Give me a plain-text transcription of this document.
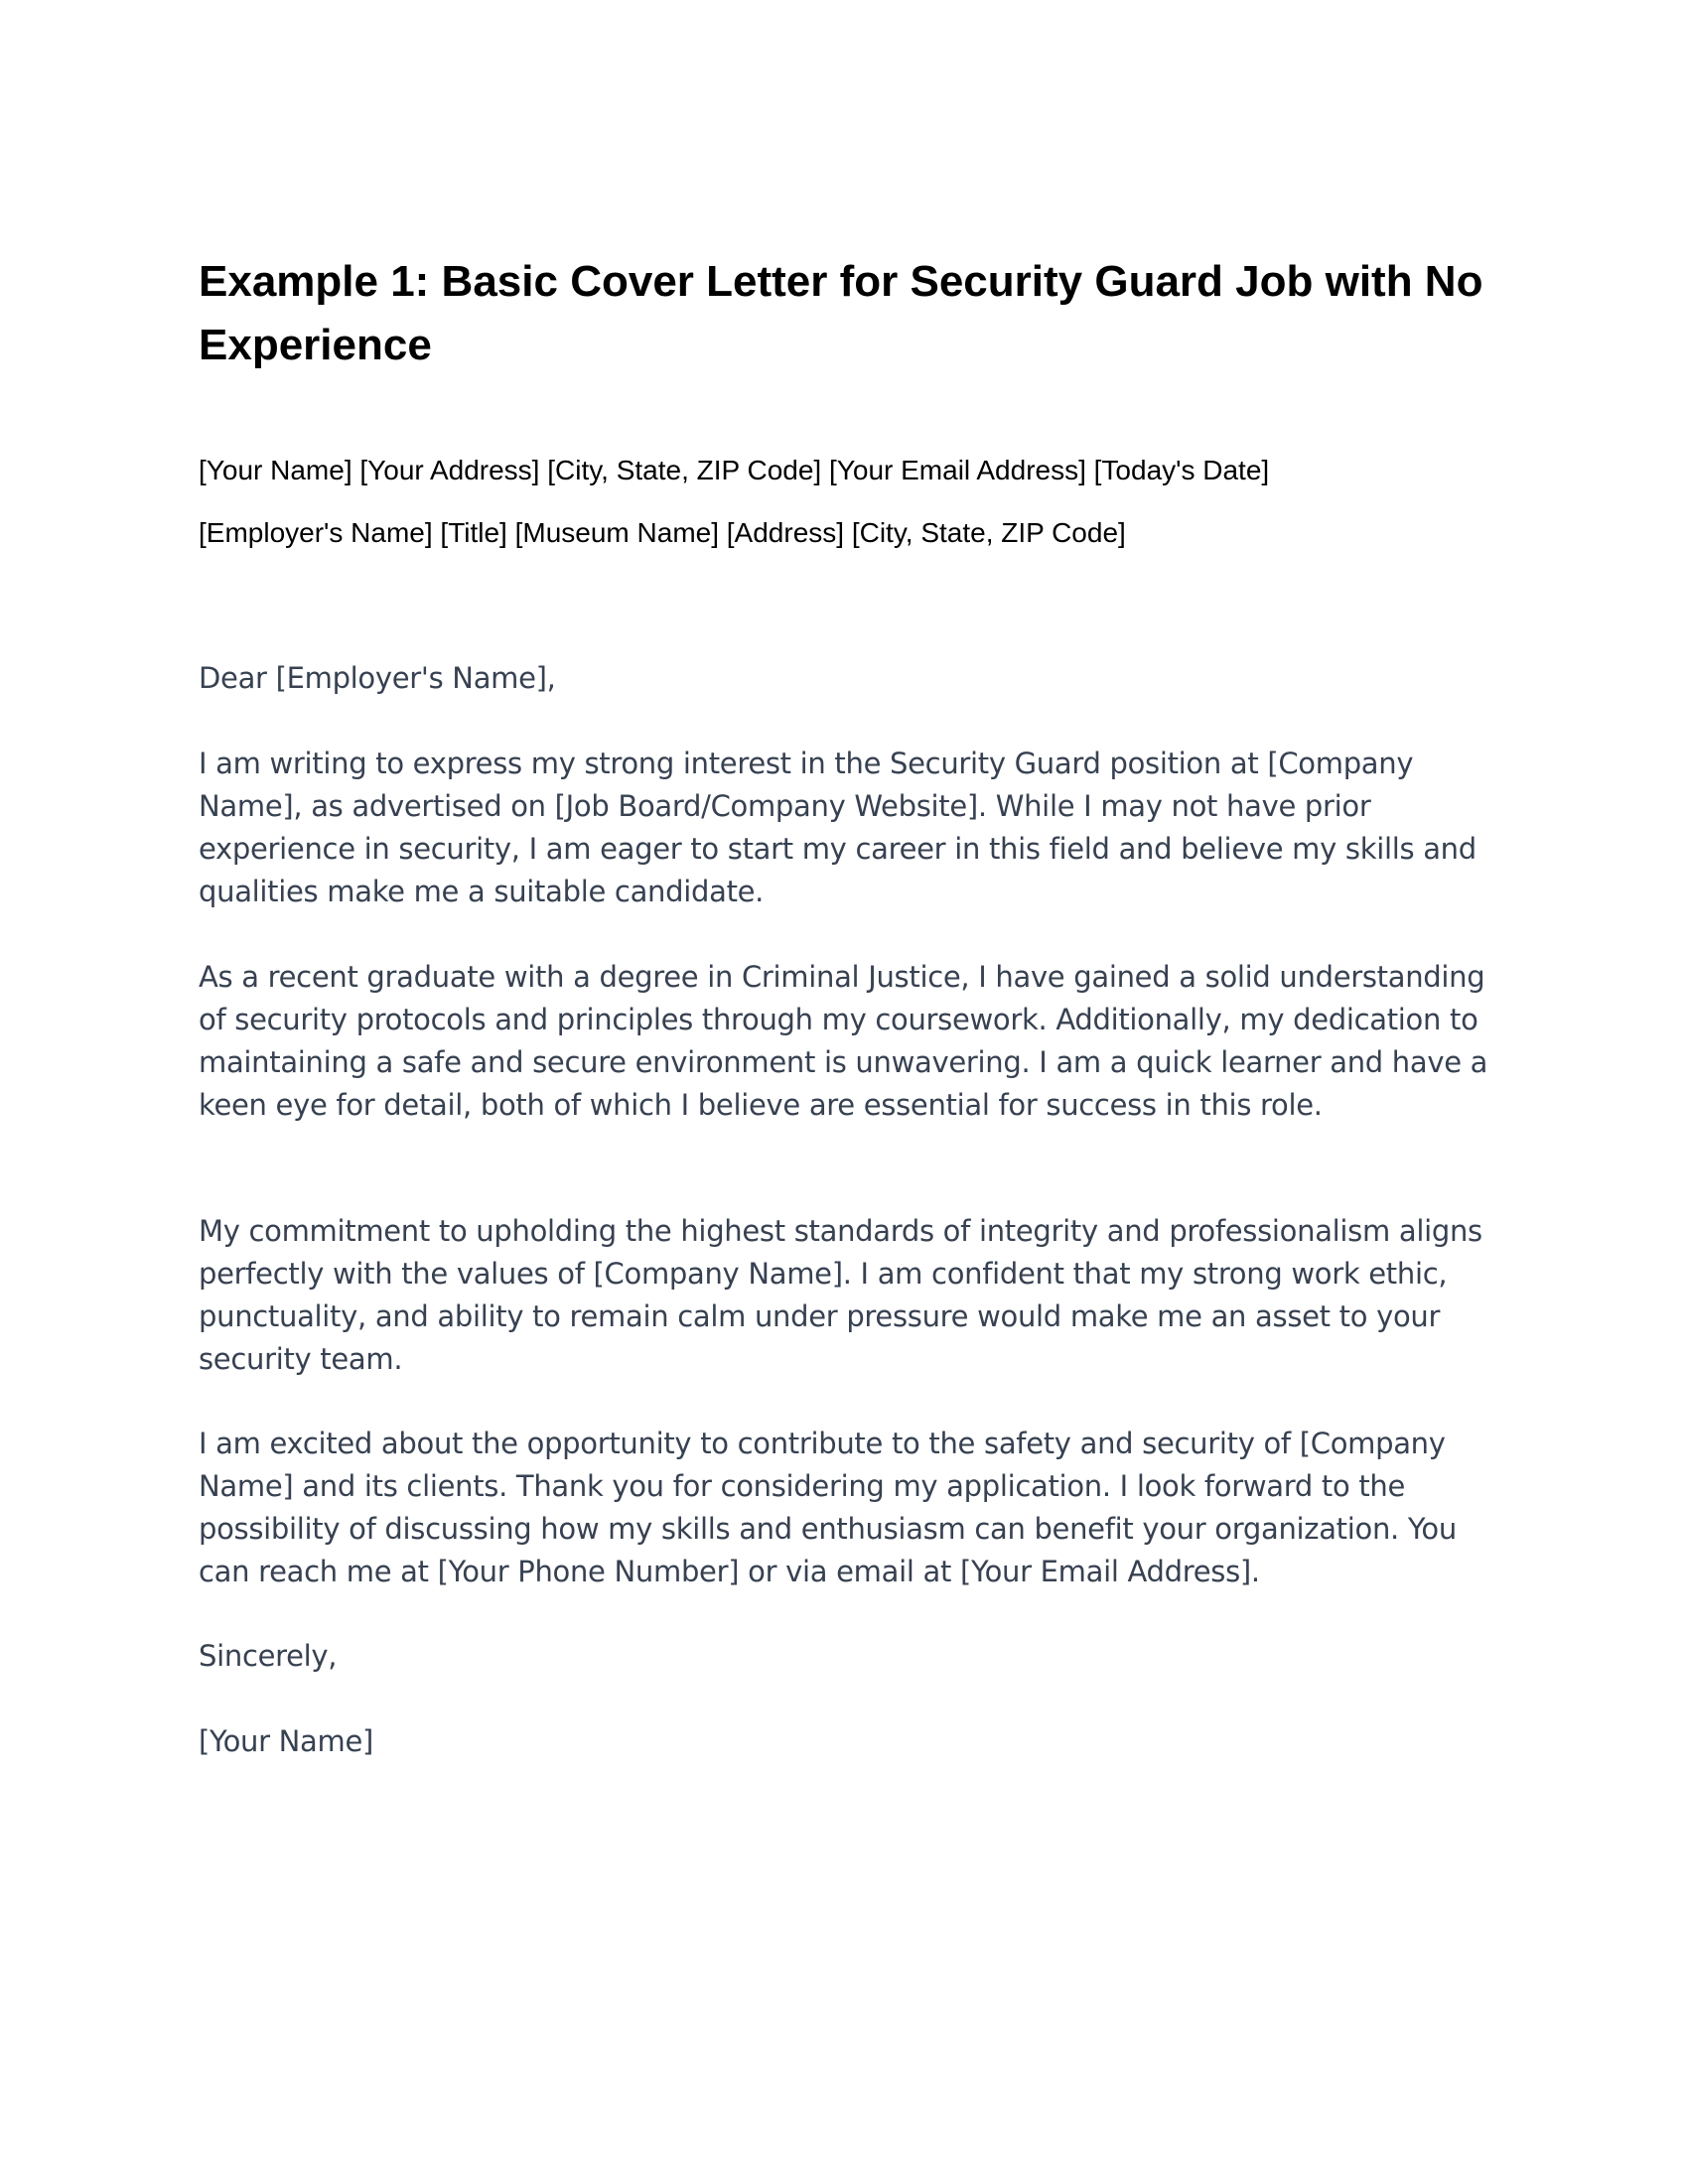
Example 1: Basic Cover Letter for Security Guard Job with No Experience

[Your Name] [Your Address] [City, State, ZIP Code] [Your Email Address] [Today's Date]

[Employer's Name] [Title] [Museum Name] [Address] [City, State, ZIP Code]

Dear [Employer's Name],

I am writing to express my strong interest in the Security Guard position at [Company Name], as advertised on [Job Board/Company Website]. While I may not have prior experience in security, I am eager to start my career in this field and believe my skills and qualities make me a suitable candidate.

As a recent graduate with a degree in Criminal Justice, I have gained a solid understanding of security protocols and principles through my coursework. Additionally, my dedication to maintaining a safe and secure environment is unwavering. I am a quick learner and have a keen eye for detail, both of which I believe are essential for success in this role.

My commitment to upholding the highest standards of integrity and professionalism aligns perfectly with the values of [Company Name]. I am confident that my strong work ethic, punctuality, and ability to remain calm under pressure would make me an asset to your security team.

I am excited about the opportunity to contribute to the safety and security of [Company Name] and its clients. Thank you for considering my application. I look forward to the possibility of discussing how my skills and enthusiasm can benefit your organization. You can reach me at [Your Phone Number] or via email at [Your Email Address].

Sincerely,

[Your Name]
